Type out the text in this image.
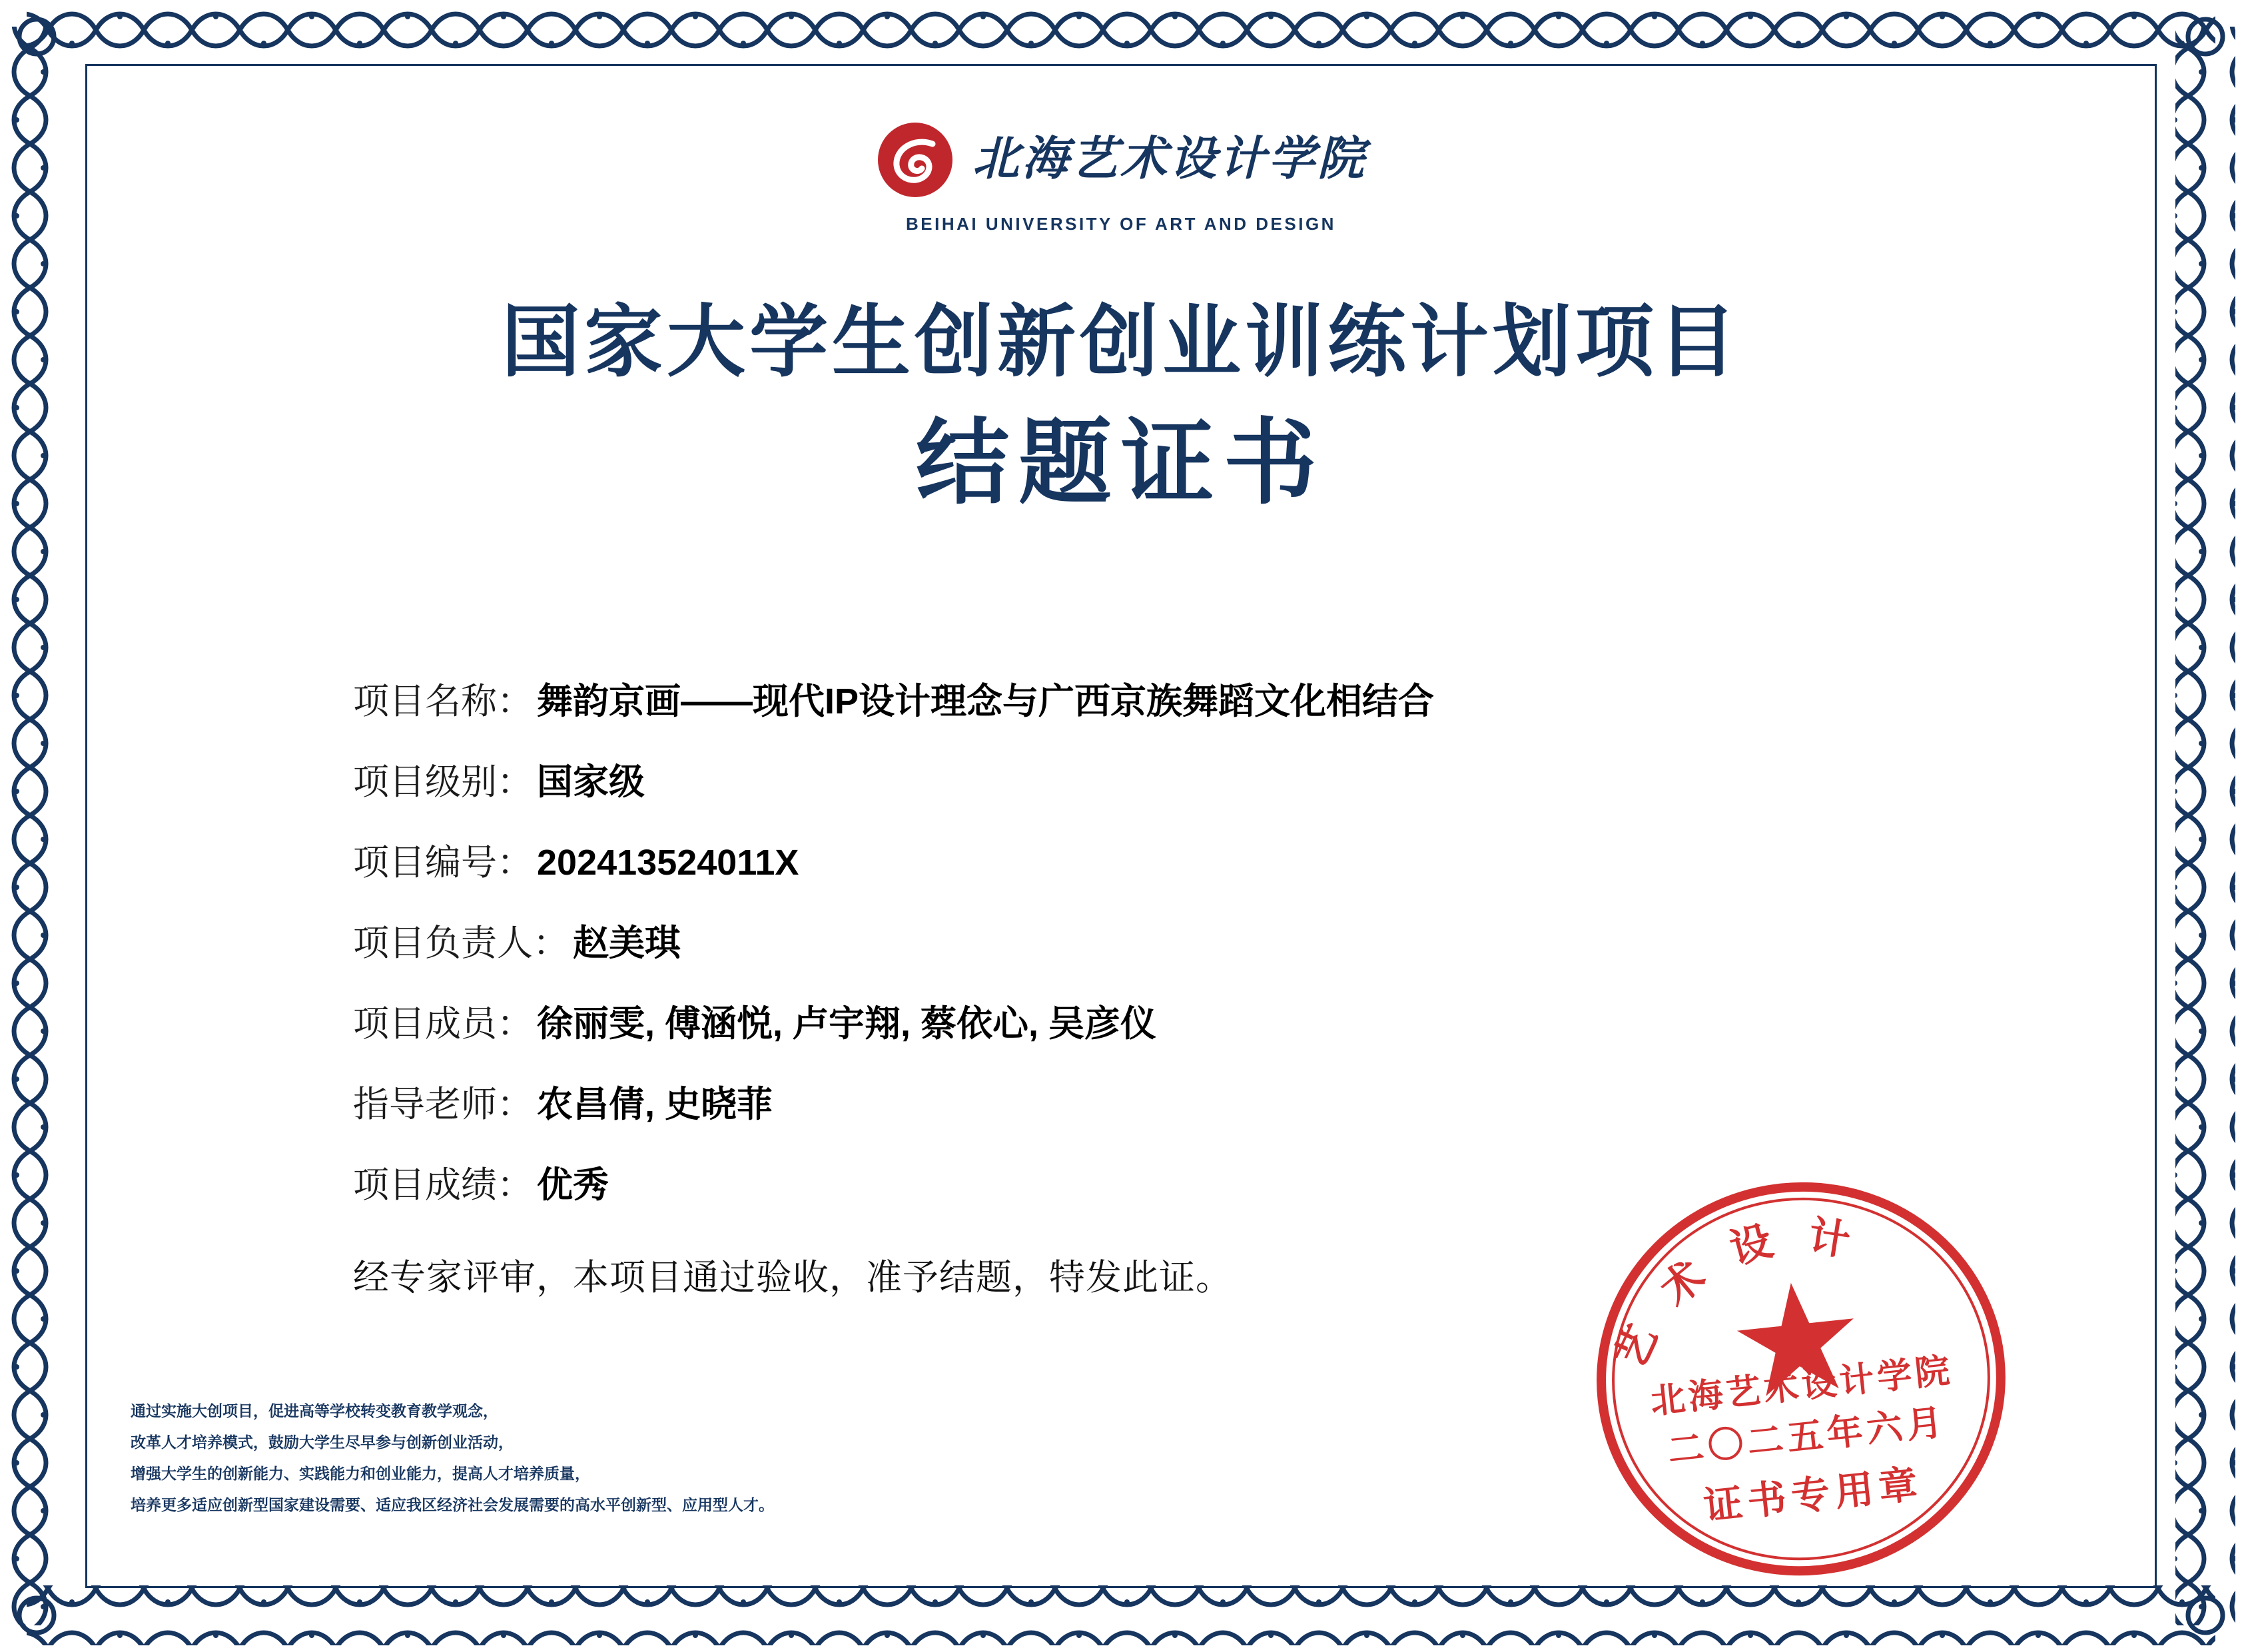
北海艺术设计学院
BEIHAI UNIVERSITY OF ART AND DESIGN
国家大学生创新创业训练计划项目
结题证书
项目名称： 舞韵京画——现代IP设计理念与广西京族舞蹈文化相结合
项目级别： 国家级
项目编号： 202413524011X
项目负责人： 赵美琪
项目成员： 徐丽雯, 傅涵悦, 卢宇翔, 蔡依心, 吴彦仪
指导老师： 农昌倩, 史晓菲
项目成绩： 优秀
经专家评审，本项目通过验收，准予结题，特发此证。
通过实施大创项目，促进高等学校转变教育教学观念，
改革人才培养模式，鼓励大学生尽早参与创新创业活动，
增强大学生的创新能力、实践能力和创业能力，提高人才培养质量，
培养更多适应创新型国家建设需要、适应我区经济社会发展需要的高水平创新型、应用型人才。
艺 术 设 计
北海艺术设计学院
二〇二五年六月
证书专用章
